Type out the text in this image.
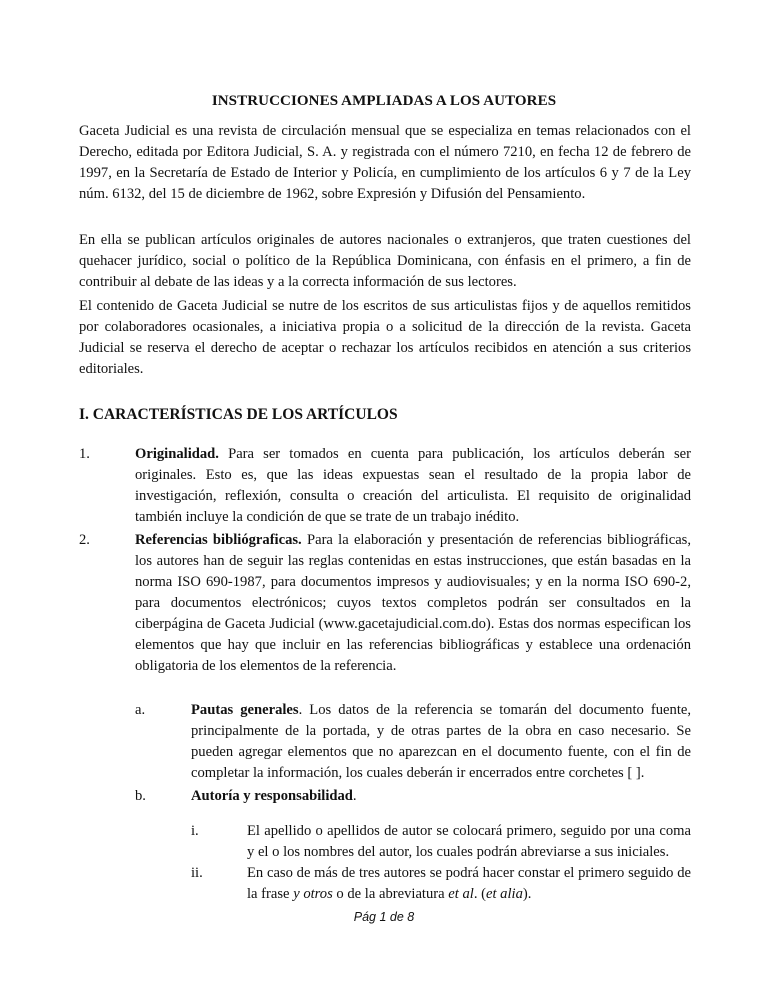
INSTRUCCIONES AMPLIADAS A LOS AUTORES

Gaceta Judicial es una revista de circulación mensual que se especializa en temas relacionados con el Derecho, editada por Editora Judicial, S. A. y registrada con el número 7210, en fecha 12 de febrero de 1997, en la Secretaría de Estado de Interior y Policía, en cumplimiento de los artículos 6 y 7 de la Ley núm. 6132, del 15 de diciembre de 1962, sobre Expresión y Difusión del Pensamiento.

En ella se publican artículos originales de autores nacionales o extranjeros, que traten cuestiones del quehacer jurídico, social o político de la República Dominicana, con énfasis en el primero, a fin de contribuir al debate de las ideas y a la correcta información de sus lectores.

El contenido de Gaceta Judicial se nutre de los escritos de sus articulistas fijos y de aquellos remitidos por colaboradores ocasionales, a iniciativa propia o a solicitud de la dirección de la revista. Gaceta Judicial se reserva el derecho de aceptar o rechazar los artículos recibidos en atención a sus criterios editoriales.

I. CARACTERÍSTICAS DE LOS ARTÍCULOS
1.	Originalidad. Para ser tomados en cuenta para publicación, los artículos deberán ser originales. Esto es, que las ideas expuestas sean el resultado de la propia labor de investigación, reflexión, consulta o creación del articulista. El requisito de originalidad también incluye la condición de que se trate de un trabajo inédito.
2.	Referencias bibliógraficas. Para la elaboración y presentación de referencias bibliográficas, los autores han de seguir las reglas contenidas en estas instrucciones, que están basadas en la norma ISO 690-1987, para documentos impresos y audiovisuales; y en la norma ISO 690-2, para documentos electrónicos; cuyos textos completos podrán ser consultados en la ciberpágina de Gaceta Judicial (www.gacetajudicial.com.do). Estas dos normas especifican los elementos que hay que incluir en las referencias bibliográficas y establece una ordenación obligatoria de los elementos de la referencia.
a.	Pautas generales. Los datos de la referencia se tomarán del documento fuente, principalmente de la portada, y de otras partes de la obra en caso necesario. Se pueden agregar elementos que no aparezcan en el documento fuente, con el fin de completar la información, los cuales deberán ir encerrados entre corchetes [ ].
b.	Autoría y responsabilidad.
i.	El apellido o apellidos de autor se colocará primero, seguido por una coma y el o los nombres del autor, los cuales podrán abreviarse a sus iniciales.
ii.	En caso de más de tres autores se podrá hacer constar el primero seguido de la frase y otros o de la abreviatura et al. (et alia).
Pág 1 de 8
